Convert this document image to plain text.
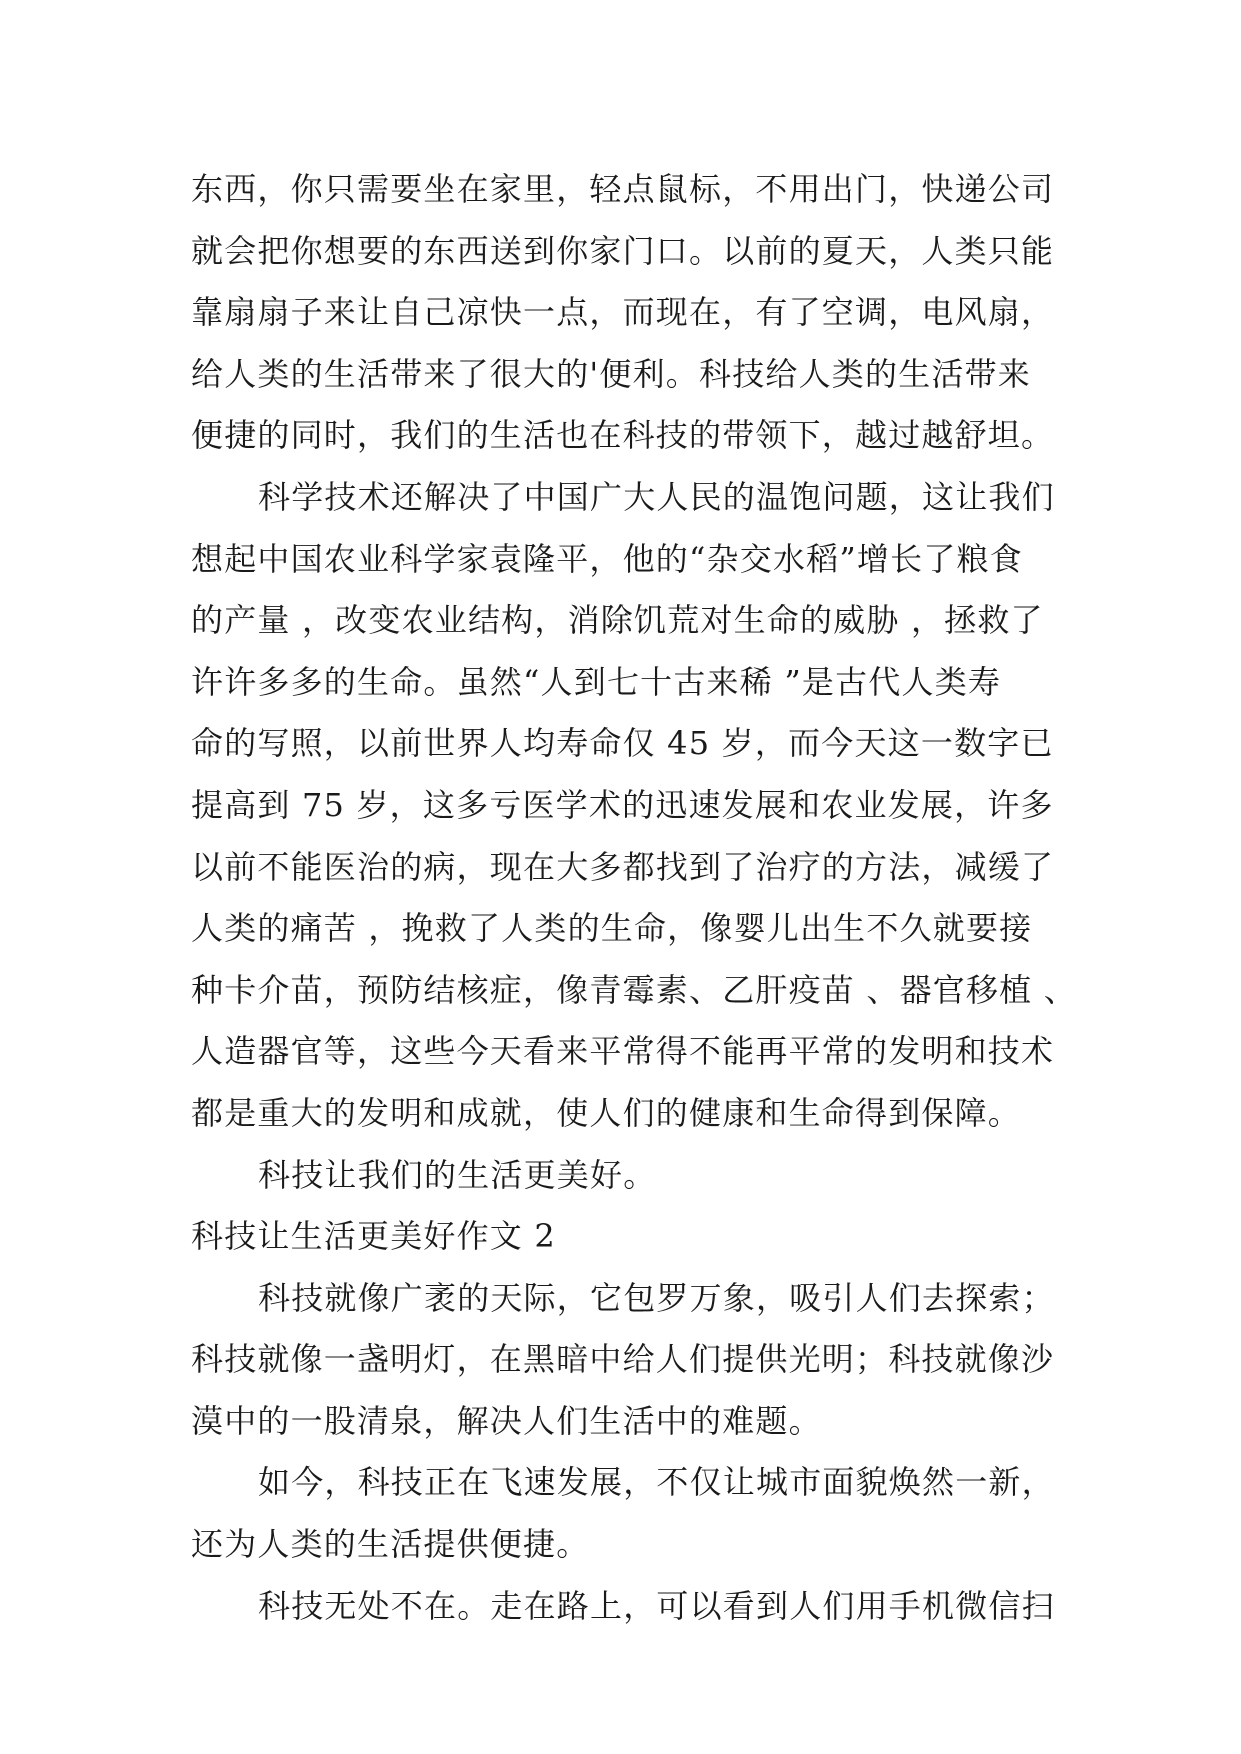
东西，你只需要坐在家里，轻点鼠标，不用出门，快递公司
就会把你想要的东西送到你家门口。以前的夏天，人类只能
靠扇扇子来让自己凉快一点，而现在，有了空调，电风扇，
给人类的生活带来了很大的'便利。科技给人类的生活带来
便捷的同时，我们的生活也在科技的带领下，越过越舒坦。
科学技术还解决了中国广大人民的温饱问题，这让我们
想起中国农业科学家袁隆平，他的“杂交水稻”增长了粮食
的产量 ，改变农业结构，消除饥荒对生命的威胁 ，拯救了
许许多多的生命。虽然“人到七十古来稀 ”是古代人类寿
命的写照，以前世界人均寿命仅 45 岁，而今天这一数字已
提高到 75 岁，这多亏医学术的迅速发展和农业发展，许多
以前不能医治的病，现在大多都找到了治疗的方法，减缓了
人类的痛苦 ，挽救了人类的生命，像婴儿出生不久就要接
种卡介苗，预防结核症，像青霉素、乙肝疫苗 、器官移植 、
人造器官等，这些今天看来平常得不能再平常的发明和技术
都是重大的发明和成就，使人们的健康和生命得到保障。
科技让我们的生活更美好。
科技让生活更美好作文 2
科技就像广袤的天际，它包罗万象，吸引人们去探索；
科技就像一盏明灯，在黑暗中给人们提供光明；科技就像沙
漠中的一股清泉，解决人们生活中的难题。
如今，科技正在飞速发展，不仅让城市面貌焕然一新，
还为人类的生活提供便捷。
科技无处不在。走在路上，可以看到人们用手机微信扫
